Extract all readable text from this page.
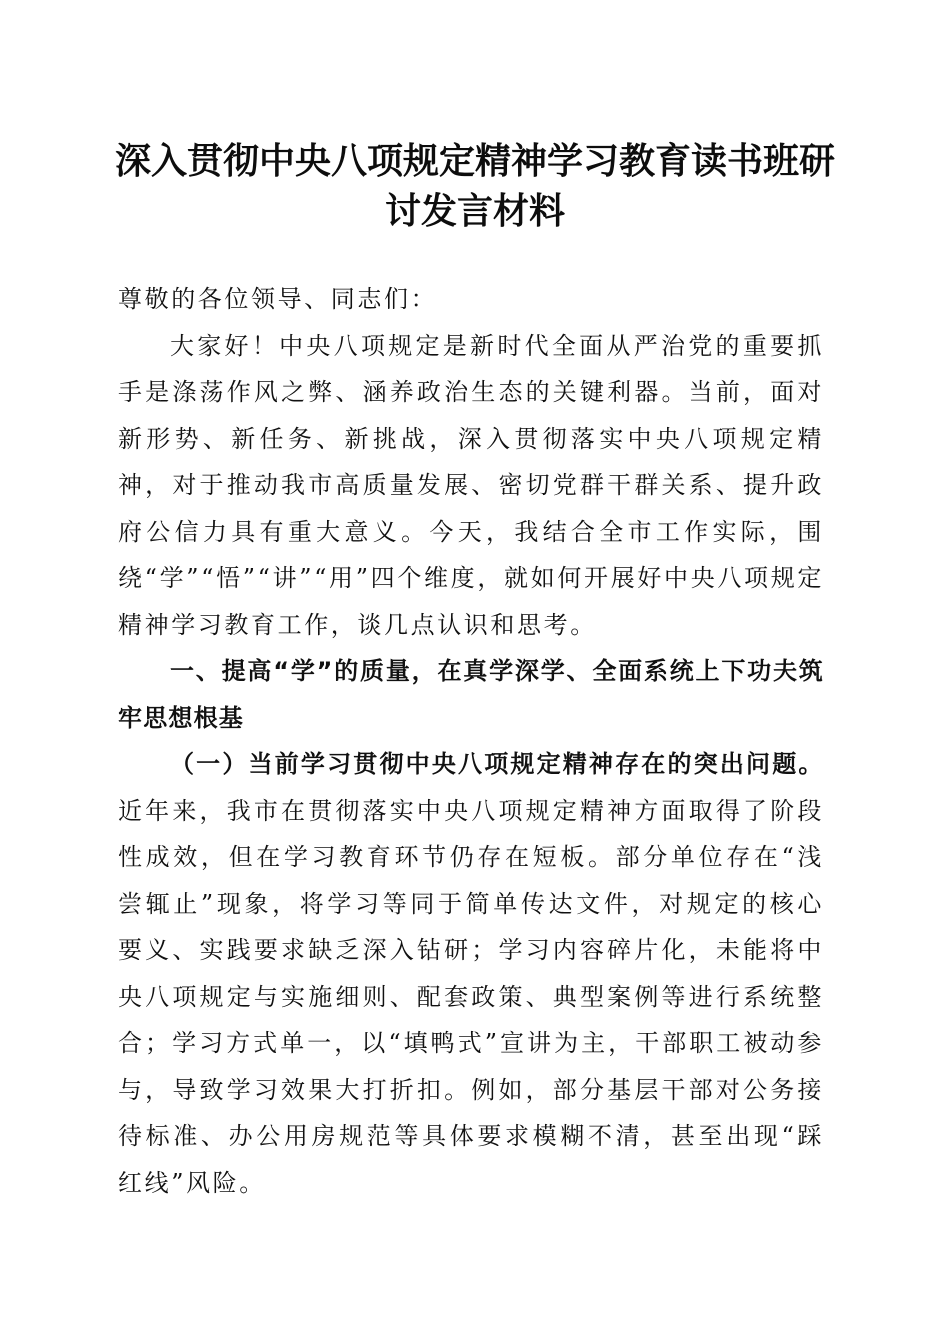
深入贯彻中央八项规定精神学习教育读书班研讨发言材料

尊敬的各位领导、同志们：

大家好！中央八项规定是新时代全面从严治党的重要抓手是涤荡作风之弊、涵养政治生态的关键利器。当前，面对新形势、新任务、新挑战，深入贯彻落实中央八项规定精神，对于推动我市高质量发展、密切党群干群关系、提升政府公信力具有重大意义。今天，我结合全市工作实际，围绕“学”“悟”“讲”“用”四个维度，就如何开展好中央八项规定精神学习教育工作，谈几点认识和思考。

一、提高“学”的质量，在真学深学、全面系统上下功夫筑牢思想根基

（一）当前学习贯彻中央八项规定精神存在的突出问题。近年来，我市在贯彻落实中央八项规定精神方面取得了阶段性成效，但在学习教育环节仍存在短板。部分单位存在“浅尝辄止”现象，将学习等同于简单传达文件，对规定的核心要义、实践要求缺乏深入钻研；学习内容碎片化，未能将中央八项规定与实施细则、配套政策、典型案例等进行系统整合；学习方式单一，以“填鸭式”宣讲为主，干部职工被动参与，导致学习效果大打折扣。例如，部分基层干部对公务接待标准、办公用房规范等具体要求模糊不清，甚至出现“踩红线”风险。
